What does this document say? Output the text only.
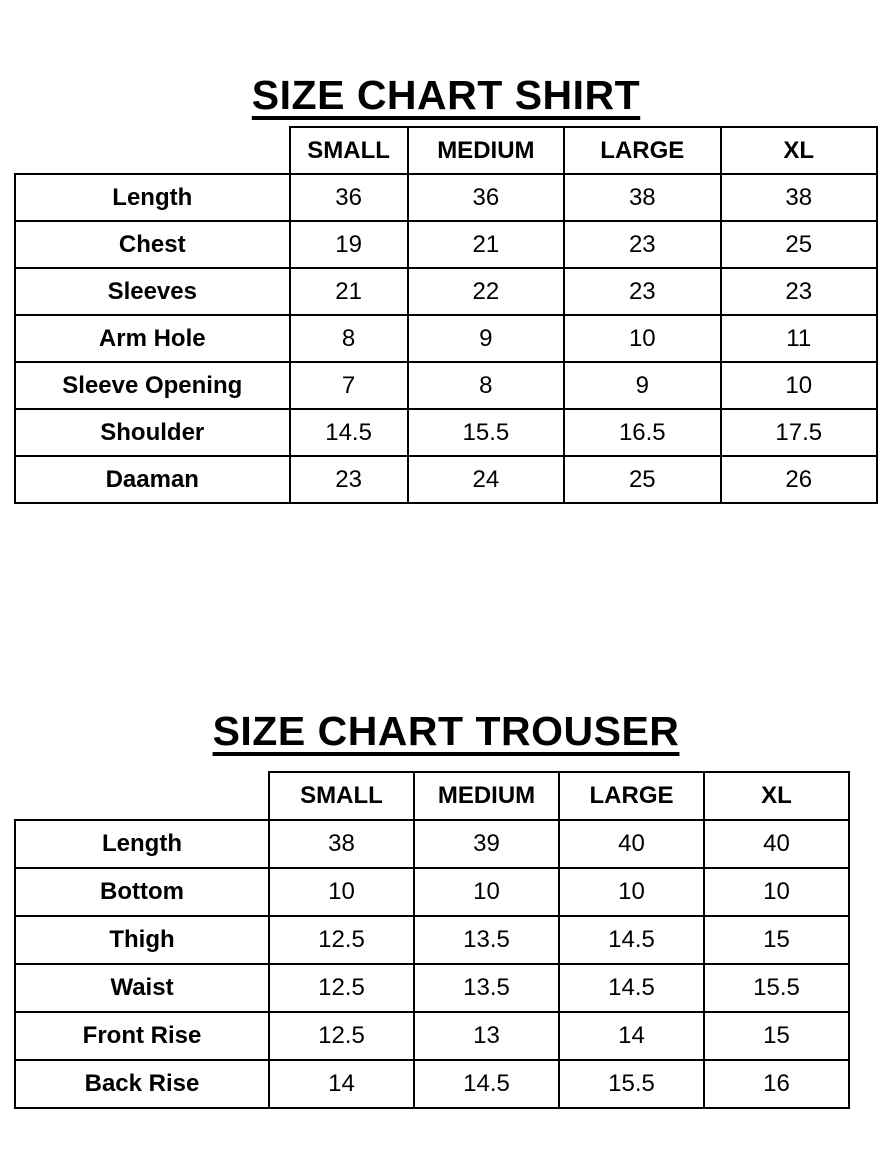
SIZE CHART SHIRT
	SMALL	MEDIUM	LARGE	XL
Length	36	36	38	38
Chest	19	21	23	25
Sleeves	21	22	23	23
Arm Hole	8	9	10	11
Sleeve Opening	7	8	9	10
Shoulder	14.5	15.5	16.5	17.5
Daaman	23	24	25	26
SIZE CHART TROUSER
	SMALL	MEDIUM	LARGE	XL
Length	38	39	40	40
Bottom	10	10	10	10
Thigh	12.5	13.5	14.5	15
Waist	12.5	13.5	14.5	15.5
Front Rise	12.5	13	14	15
Back Rise	14	14.5	15.5	16
